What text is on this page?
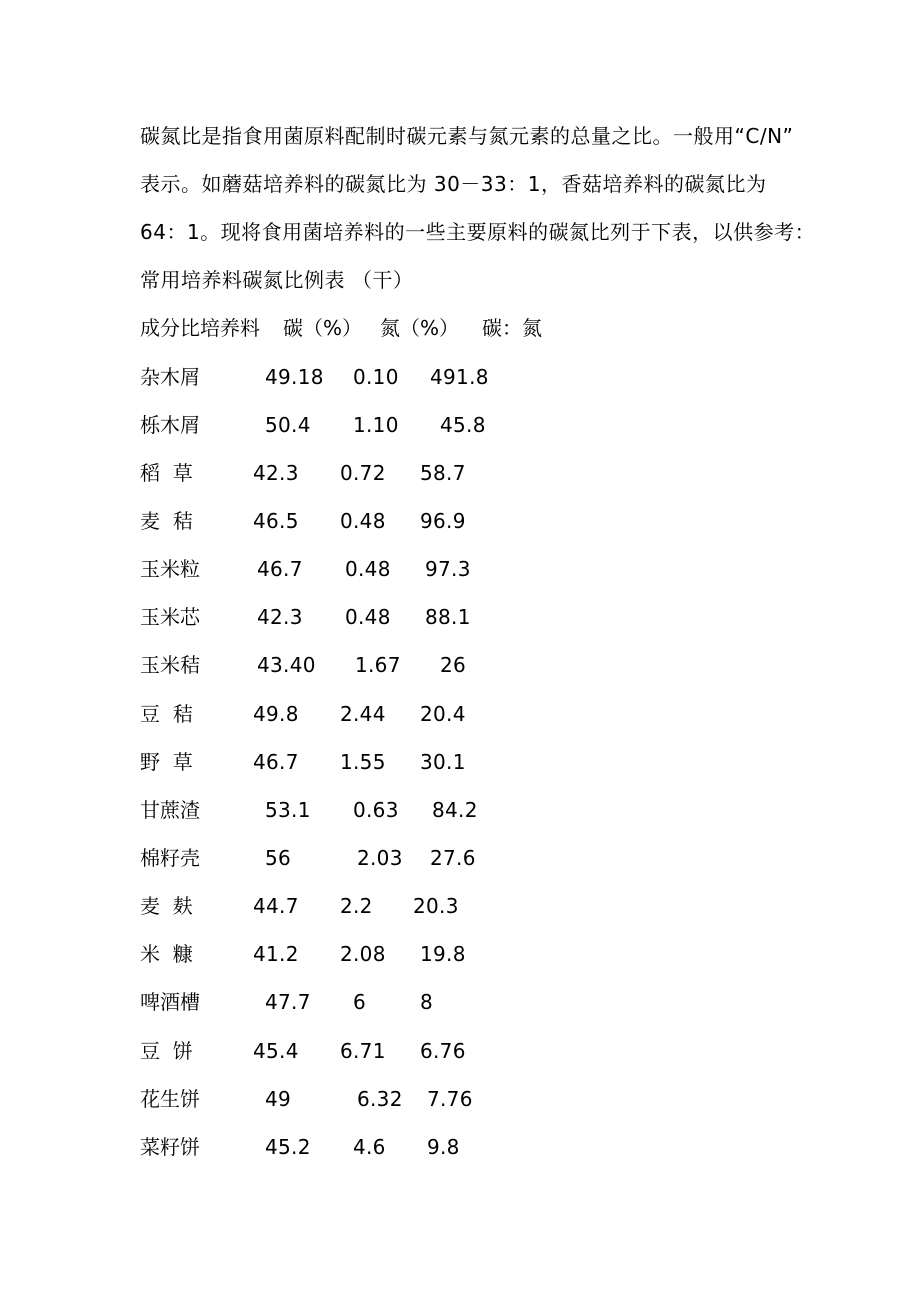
碳氮比是指食用菌原料配制时碳元素与氮元素的总量之比。一般用“C/N”
表示。如蘑菇培养料的碳氮比为 30－33：1，香菇培养料的碳氮比为
64：1。现将食用菌培养料的一些主要原料的碳氮比列于下表，以供参考：
常用培养料碳氮比例表 （干）
成分比培养料 碳（%） 氮（%） 碳：氮
杂木屑	49.18 0.10 491.8
栎木屑	50.4 1.10 45.8
稻  草	42.3 0.72 58.7
麦  秸	46.5 0.48 96.9
玉米粒	46.7 0.48 97.3
玉米芯	42.3 0.48 88.1
玉米秸	43.40 1.67 26
豆  秸	49.8 2.44 20.4
野  草	46.7 1.55 30.1
甘蔗渣	53.1 0.63 84.2
棉籽壳	56	2.03 27.6
麦  麸	44.7 2.2 20.3
米  糠	41.2 2.08 19.8
啤酒槽	47.7 6	8
豆  饼	45.4 6.71 6.76
花生饼	49	6.32 7.76
菜籽饼	45.2 4.6 9.8
